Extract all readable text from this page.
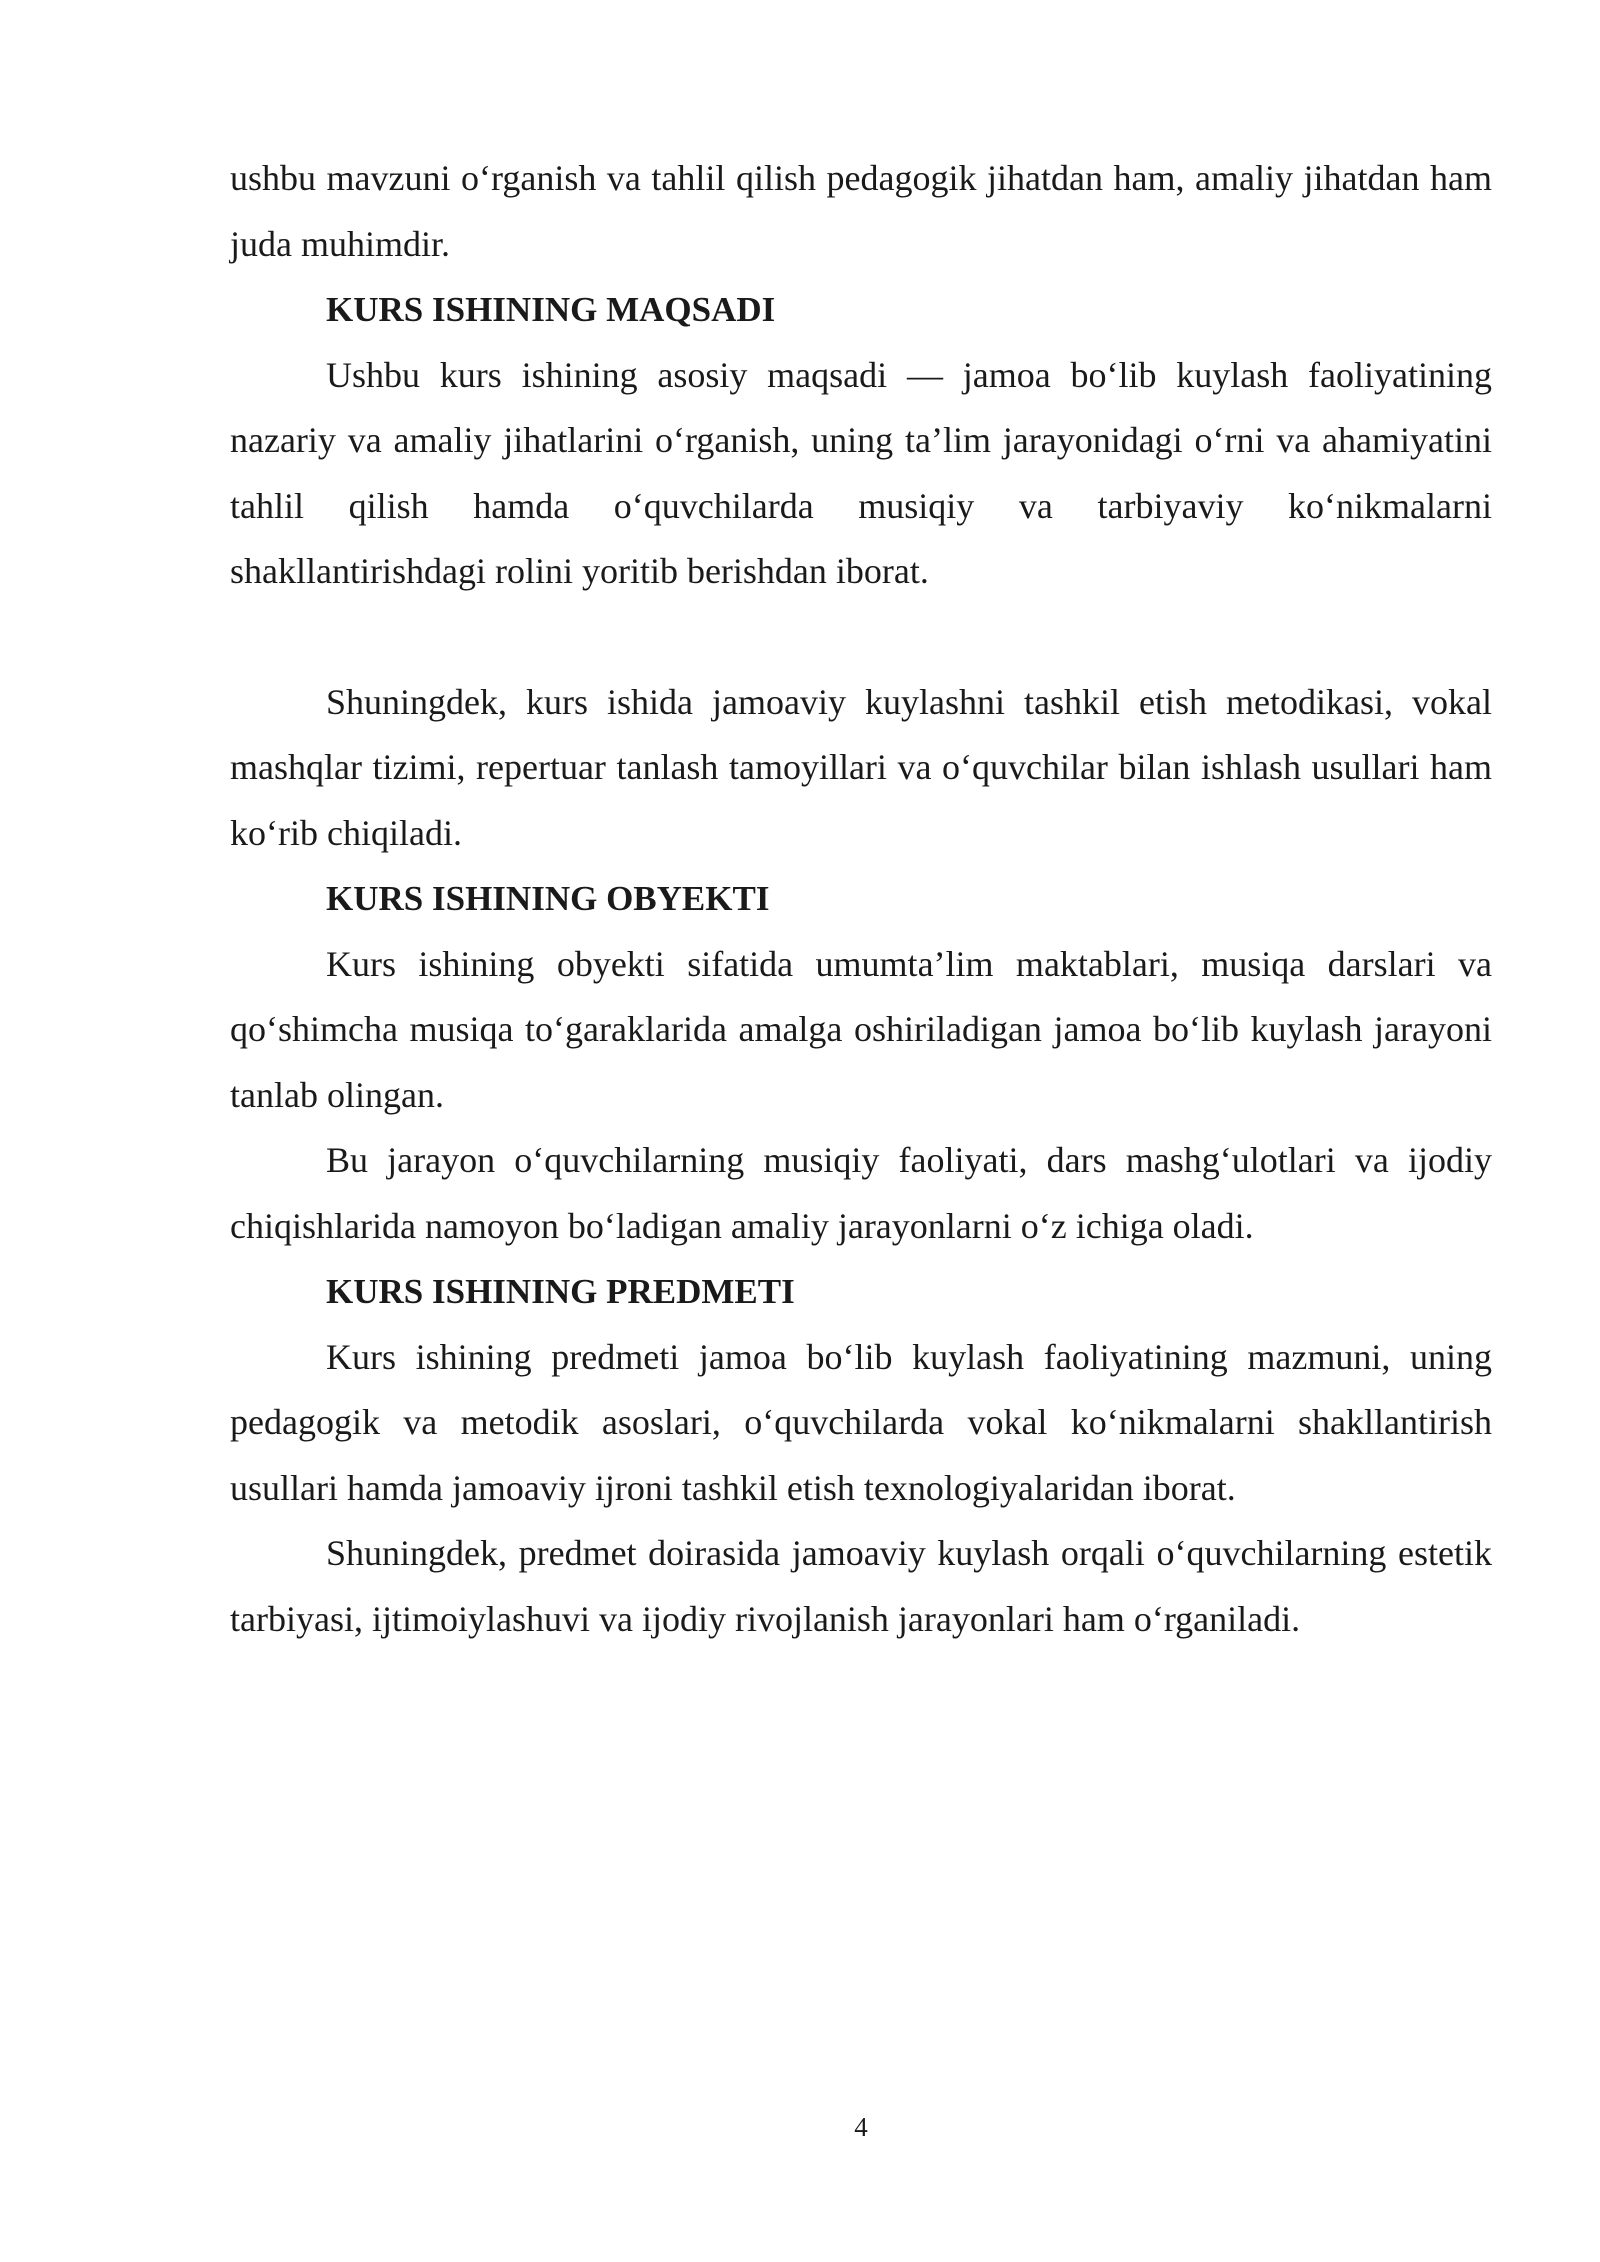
ushbu mavzuni o‘rganish va tahlil qilish pedagogik jihatdan ham, amaliy jihatdan ham juda muhimdir.

KURS ISHINING MAQSADI

Ushbu kurs ishining asosiy maqsadi — jamoa bo‘lib kuylash faoliyatining nazariy va amaliy jihatlarini o‘rganish, uning ta’lim jarayonidagi o‘rni va ahamiyatini tahlil qilish hamda o‘quvchilarda musiqiy va tarbiyaviy ko‘nikmalarni shakllantirishdagi rolini yoritib berishdan iborat.

Shuningdek, kurs ishida jamoaviy kuylashni tashkil etish metodikasi, vokal mashqlar tizimi, repertuar tanlash tamoyillari va o‘quvchilar bilan ishlash usullari ham ko‘rib chiqiladi.

KURS ISHINING OBYEKTI

Kurs ishining obyekti sifatida umumta’lim maktablari, musiqa darslari va qo‘shimcha musiqa to‘garaklarida amalga oshiriladigan jamoa bo‘lib kuylash jarayoni tanlab olingan.

Bu jarayon o‘quvchilarning musiqiy faoliyati, dars mashg‘ulotlari va ijodiy chiqishlarida namoyon bo‘ladigan amaliy jarayonlarni o‘z ichiga oladi.

KURS ISHINING PREDMETI

Kurs ishining predmeti jamoa bo‘lib kuylash faoliyatining mazmuni, uning pedagogik va metodik asoslari, o‘quvchilarda vokal ko‘nikmalarni shakllantirish usullari hamda jamoaviy ijroni tashkil etish texnologiyalaridan iborat.

Shuningdek, predmet doirasida jamoaviy kuylash orqali o‘quvchilarning estetik tarbiyasi, ijtimoiylashuvi va ijodiy rivojlanish jarayonlari ham o‘rganiladi.

4
